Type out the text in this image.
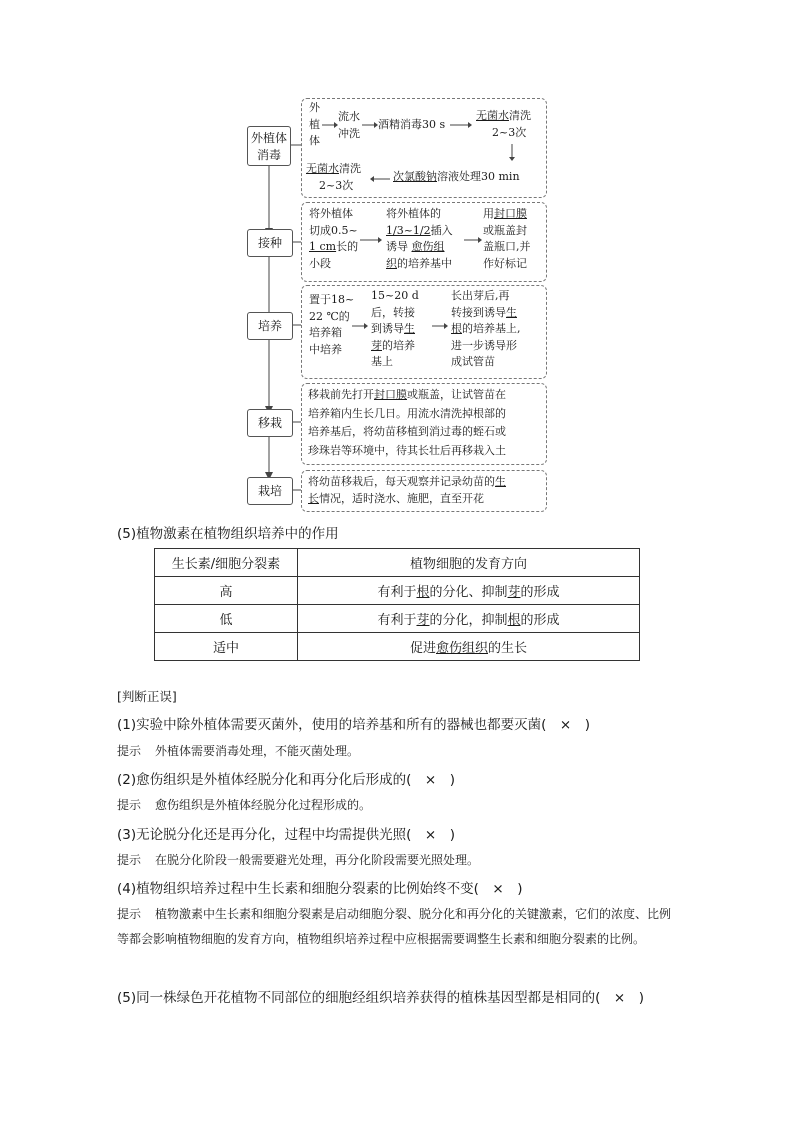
外植体
消毒
接种
培养
移栽
栽培
外
植
体
流水
冲洗
酒精消毒30 s
无菌水清洗
2~3次
次氯酸钠溶液处理30 min
无菌水清洗
2~3次
将外植体
切成0.5~
1 cm长的
小段
将外植体的
1/3~1/2插入
诱导 愈伤组
织的培养基中
用封口膜
或瓶盖封
盖瓶口,并
作好标记
置于18~
22 ℃的
培养箱
中培养
15~20 d
后，转接
到诱导生
芽的培养
基上
长出芽后,再
转接到诱导生
根的培养基上,
进一步诱导形
成试管苗
移栽前先打开封口膜或瓶盖，让试管苗在
培养箱内生长几日。用流水清洗掉根部的
培养基后，将幼苗移植到消过毒的蛭石或
珍珠岩等环境中，待其长壮后再移栽入土
将幼苗移栽后，每天观察并记录幼苗的生
长情况，适时浇水、施肥，直至开花
(5)植物激素在植物组织培养中的作用
生长素/细胞分裂素	植物细胞的发育方向
高	有利于根的分化、抑制芽的形成
低	有利于芽的分化，抑制根的形成
适中	促进愈伤组织的生长
[判断正误]
(1)实验中除外植体需要灭菌外，使用的培养基和所有的器械也都要灭菌(　×　)
提示 外植体需要消毒处理，不能灭菌处理。
(2)愈伤组织是外植体经脱分化和再分化后形成的(　×　)
提示 愈伤组织是外植体经脱分化过程形成的。
(3)无论脱分化还是再分化，过程中均需提供光照(　×　)
提示 在脱分化阶段一般需要避光处理，再分化阶段需要光照处理。
(4)植物组织培养过程中生长素和细胞分裂素的比例始终不变(　×　)
提示 植物激素中生长素和细胞分裂素是启动细胞分裂、脱分化和再分化的关键激素，它们的浓度、比例等都会影响植物细胞的发育方向，植物组织培养过程中应根据需要调整生长素和细胞分裂素的比例。
(5)同一株绿色开花植物不同部位的细胞经组织培养获得的植株基因型都是相同的(　×　)
